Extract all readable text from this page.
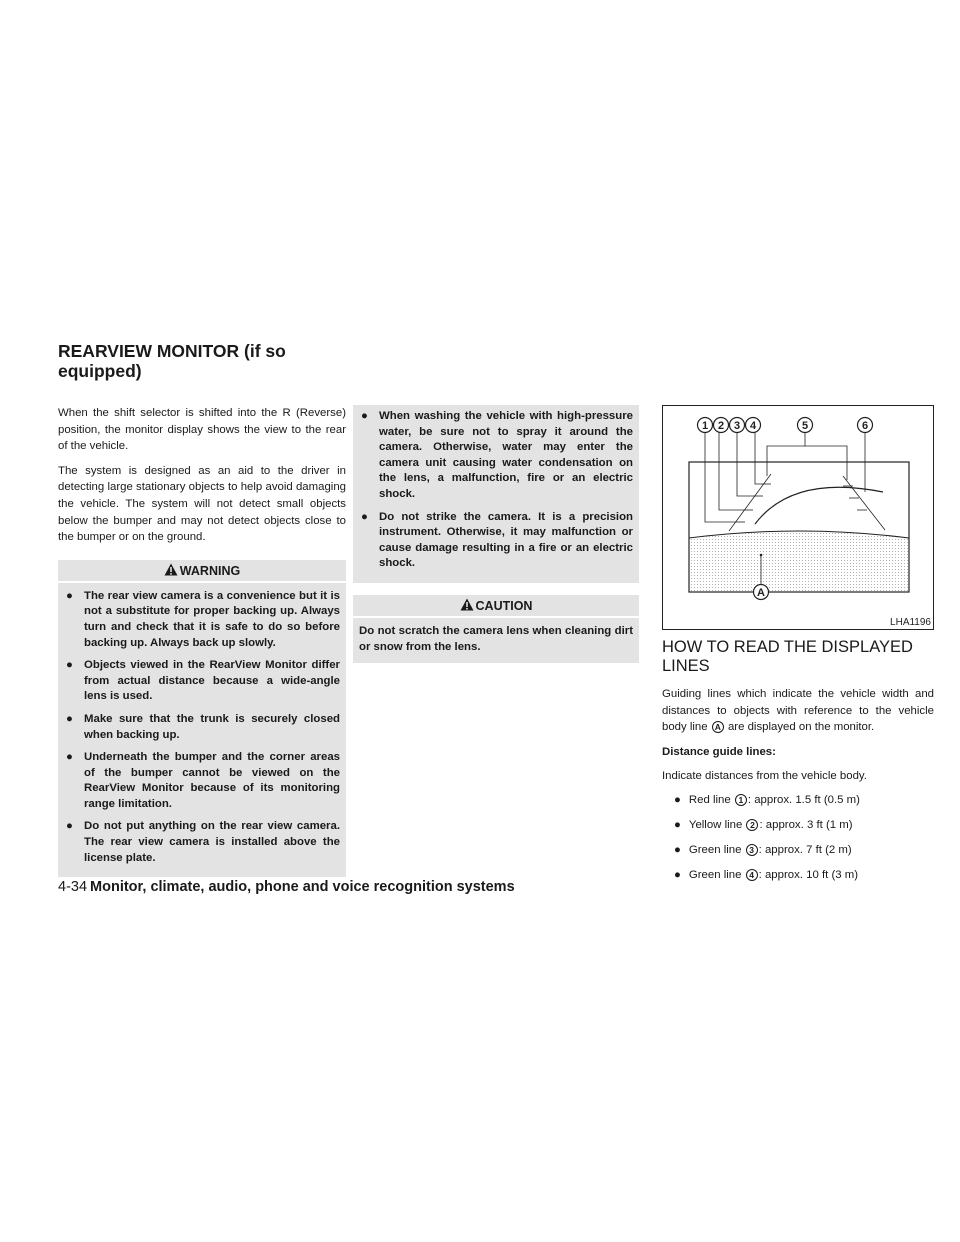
REARVIEW MONITOR (if so equipped)

When the shift selector is shifted into the R (Reverse) position, the monitor display shows the view to the rear of the vehicle.

The system is designed as an aid to the driver in detecting large stationary objects to help avoid damaging the vehicle. The system will not detect small objects below the bumper and may not detect objects close to the bumper or on the ground.

WARNING
● The rear view camera is a convenience but it is not a substitute for proper backing up. Always turn and check that it is safe to do so before backing up. Always back up slowly.
● Objects viewed in the RearView Monitor differ from actual distance because a wide-angle lens is used.
● Make sure that the trunk is securely closed when backing up.
● Underneath the bumper and the corner areas of the bumper cannot be viewed on the RearView Monitor because of its monitoring range limitation.
● Do not put anything on the rear view camera. The rear view camera is installed above the license plate.
● When washing the vehicle with high-pressure water, be sure not to spray it around the camera. Otherwise, water may enter the camera unit causing water condensation on the lens, a malfunction, fire or an electric shock.
● Do not strike the camera. It is a precision instrument. Otherwise, it may malfunction or cause damage resulting in a fire or an electric shock.
CAUTION

Do not scratch the camera lens when cleaning dirt or snow from the lens.

1 2 3 4	5	6
A
LHA1196
HOW TO READ THE DISPLAYED LINES

Guiding lines which indicate the vehicle width and distances to objects with reference to the vehicle body line A are displayed on the monitor.

Distance guide lines:

Indicate distances from the vehicle body.

● Red line 1 : approx. 1.5 ft (0.5 m)
● Yellow line 2 : approx. 3 ft (1 m)
● Green line 3 : approx. 7 ft (2 m)
● Green line 4 : approx. 10 ft (3 m)
4-34 Monitor, climate, audio, phone and voice recognition systems
